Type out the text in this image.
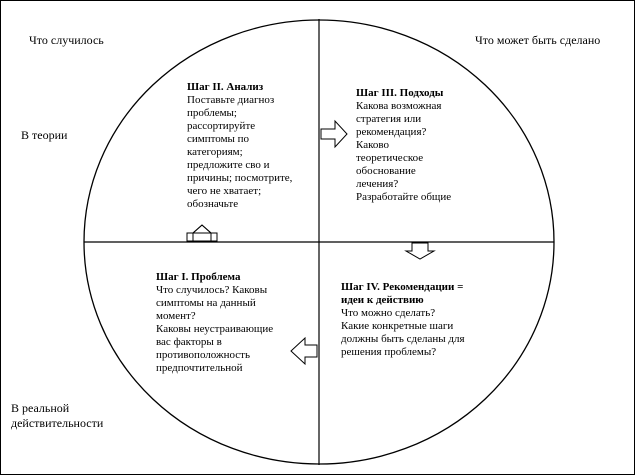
Что случилось	Что может быть сделано
В теории
В реальной
действительности
Шаг II. Анализ
Поставьте диагноз
проблемы;
рассортируйте
симптомы по
категориям;
предложите сво и
причины; посмотрите,
чего не хватает;
обозначьте
Шаг III. Подходы
Какова возможная
стратегия или
рекомендация?
Каково
теоретическое
обоснование
лечения?
Разработайте общие
Шаг I. Проблема
Что случилось? Каковы
симптомы на данный
момент?
Каковы неустраивающие
вас факторы в
противоположность
предпочтительной
Шаг IV. Рекомендации =
идеи к действию
Что можно сделать?
Какие конкретные шаги
должны быть сделаны для
решения проблемы?
